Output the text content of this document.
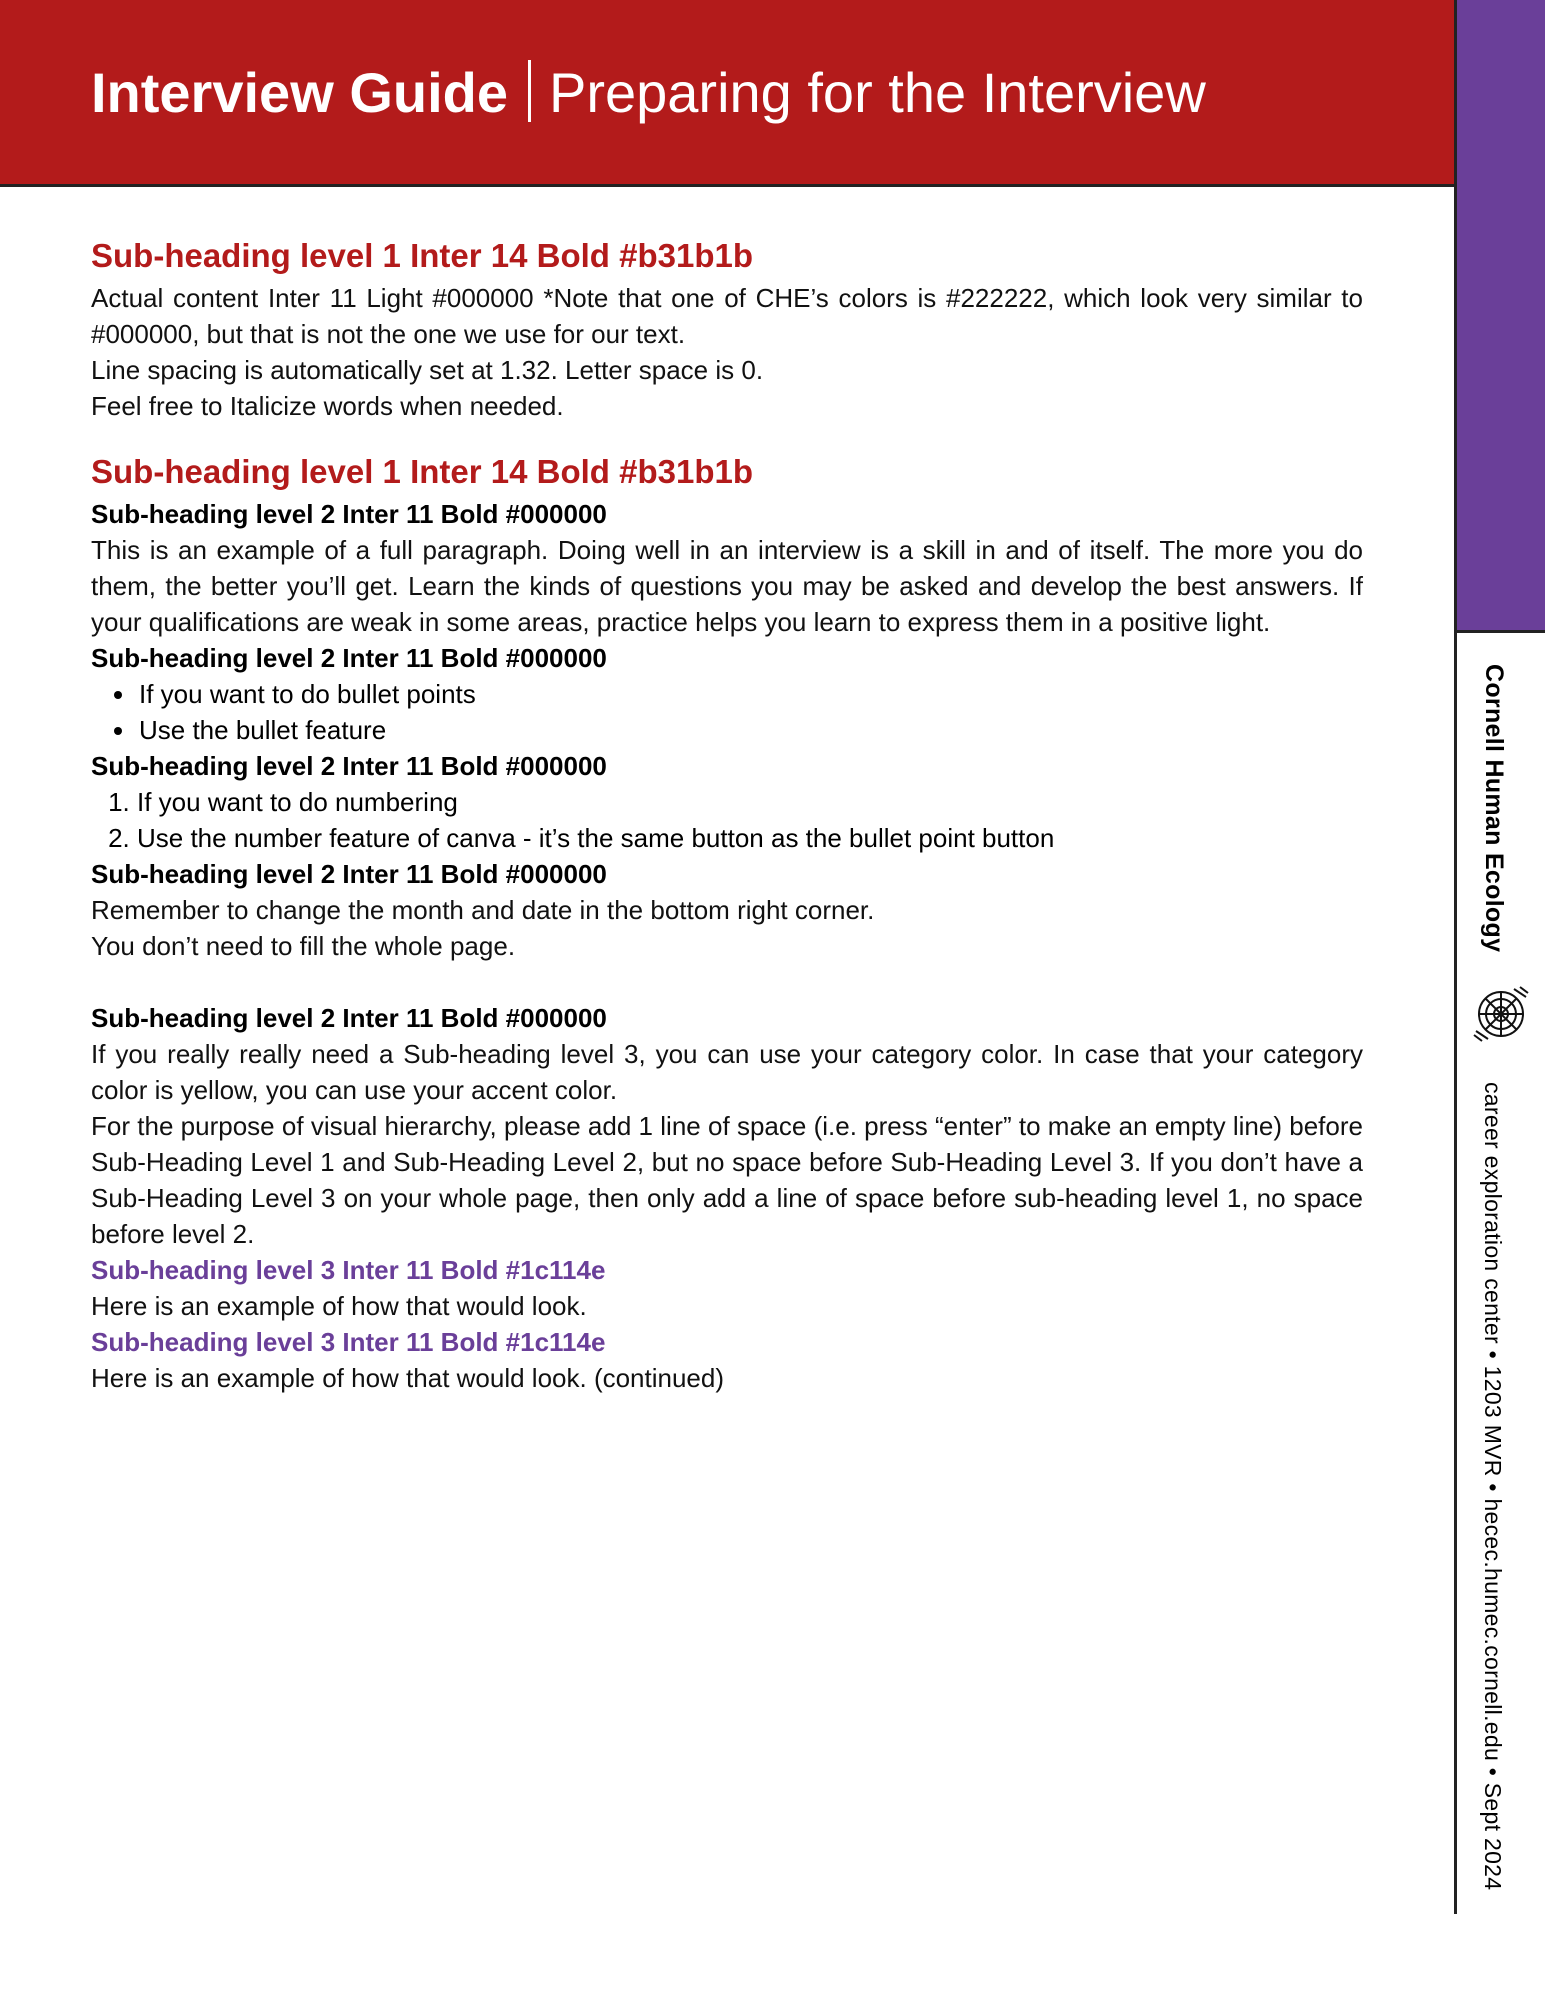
Interview Guide Preparing for the Interview
Cornell Human Ecology
career exploration center • 1203 MVR • hecec.humec.cornell.edu • Sept 2024
Sub-heading level 1 Inter 14 Bold #b31b1b

Actual content Inter 11 Light #000000 *Note that one of CHE’s colors is #222222, which look very similar to #000000, but that is not the one we use for our text.

Line spacing is automatically set at 1.32. Letter space is 0.

Feel free to Italicize words when needed.

Sub-heading level 1 Inter 14 Bold #b31b1b
Sub-heading level 2 Inter 11 Bold #000000

This is an example of a full paragraph. Doing well in an interview is a skill in and of itself. The more you do them, the better you’ll get. Learn the kinds of questions you may be asked and develop the best answers. If your qualifications are weak in some areas, practice helps you learn to express them in a positive light.

Sub-heading level 2 Inter 11 Bold #000000
• If you want to do bullet points
• Use the bullet feature
Sub-heading level 2 Inter 11 Bold #000000
1. If you want to do numbering
2. Use the number feature of canva - it’s the same button as the bullet point button
Sub-heading level 2 Inter 11 Bold #000000

Remember to change the month and date in the bottom right corner.

You don’t need to fill the whole page.

Sub-heading level 2 Inter 11 Bold #000000

If you really really need a Sub-heading level 3, you can use your category color. In case that your category color is yellow, you can use your accent color.

For the purpose of visual hierarchy, please add 1 line of space (i.e. press “enter” to make an empty line) before Sub-Heading Level 1 and Sub-Heading Level 2, but no space before Sub-Heading Level 3. If you don’t have a Sub-Heading Level 3 on your whole page, then only add a line of space before sub-heading level 1, no space before level 2.

Sub-heading level 3 Inter 11 Bold #1c114e

Here is an example of how that would look.

Sub-heading level 3 Inter 11 Bold #1c114e

Here is an example of how that would look. (continued)
